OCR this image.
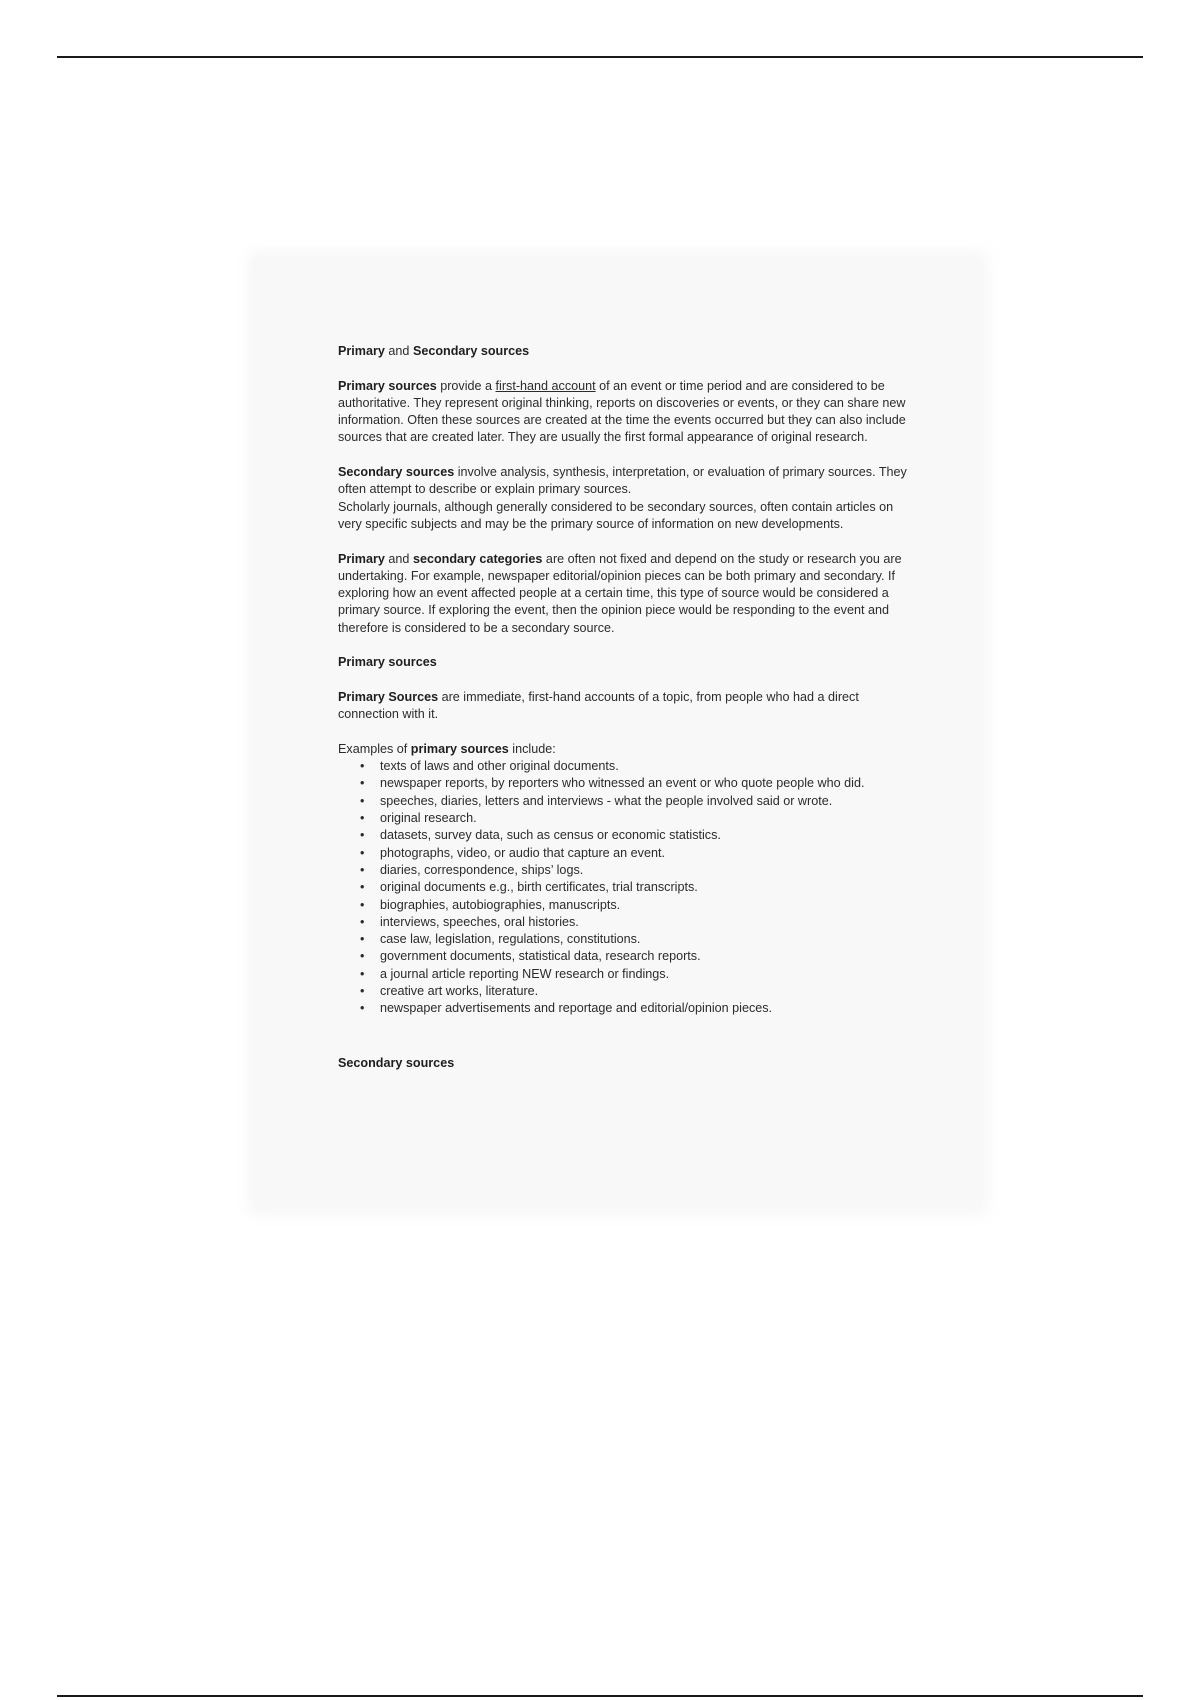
Primary and Secondary sources

Primary sources provide a first-hand account of an event or time period and are considered to be authoritative. They represent original thinking, reports on discoveries or events, or they can share new information. Often these sources are created at the time the events occurred but they can also include sources that are created later. They are usually the first formal appearance of original research.

Secondary sources involve analysis, synthesis, interpretation, or evaluation of primary sources. They often attempt to describe or explain primary sources.

Scholarly journals, although generally considered to be secondary sources, often contain articles on very specific subjects and may be the primary source of information on new developments.

Primary and secondary categories are often not fixed and depend on the study or research you are undertaking. For example, newspaper editorial/opinion pieces can be both primary and secondary. If exploring how an event affected people at a certain time, this type of source would be considered a primary source. If exploring the event, then the opinion piece would be responding to the event and therefore is considered to be a secondary source.

Primary sources

Primary Sources are immediate, first-hand accounts of a topic, from people who had a direct connection with it.

Examples of primary sources include:

• texts of laws and other original documents.
• newspaper reports, by reporters who witnessed an event or who quote people who did.
• speeches, diaries, letters and interviews - what the people involved said or wrote.
• original research.
• datasets, survey data, such as census or economic statistics.
• photographs, video, or audio that capture an event.
• diaries, correspondence, ships’ logs.
• original documents e.g., birth certificates, trial transcripts.
• biographies, autobiographies, manuscripts.
• interviews, speeches, oral histories.
• case law, legislation, regulations, constitutions.
• government documents, statistical data, research reports.
• a journal article reporting NEW research or findings.
• creative art works, literature.
• newspaper advertisements and reportage and editorial/opinion pieces.

Secondary sources
